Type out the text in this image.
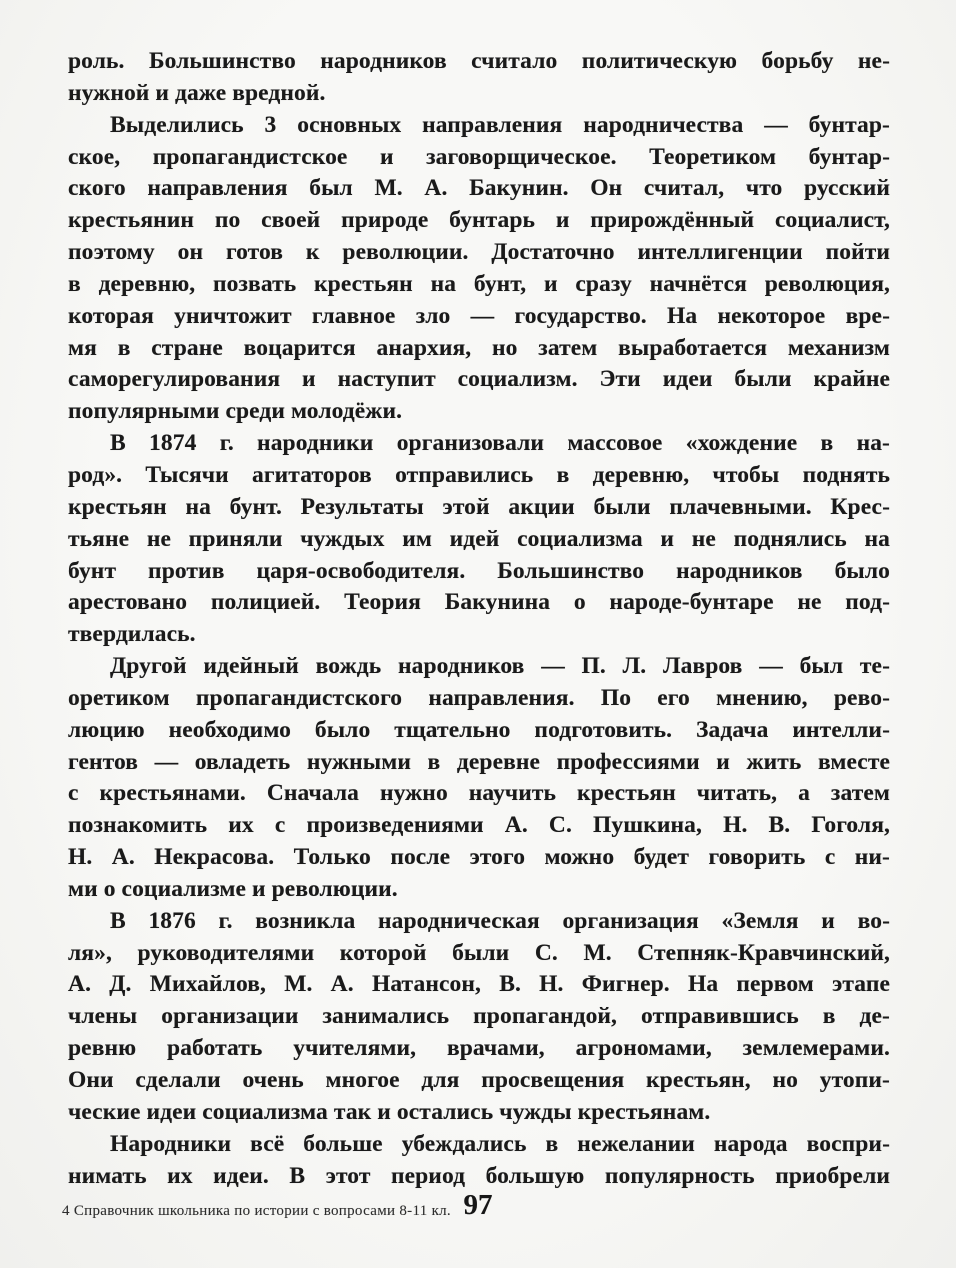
роль. Большинство народников считало политическую борьбу не-
нужной и даже вредной.
Выделились 3 основных направления народничества — бунтар-
ское, пропагандистское и заговорщическое. Теоретиком бунтар-
ского направления был М. А. Бакунин. Он считал, что русский
крестьянин по своей природе бунтарь и прирождённый социалист,
поэтому он готов к революции. Достаточно интеллигенции пойти
в деревню, позвать крестьян на бунт, и сразу начнётся революция,
которая уничтожит главное зло — государство. На некоторое вре-
мя в стране воцарится анархия, но затем выработается механизм
саморегулирования и наступит социализм. Эти идеи были крайне
популярными среди молодёжи.
В 1874 г. народники организовали массовое «хождение в на-
род». Тысячи агитаторов отправились в деревню, чтобы поднять
крестьян на бунт. Результаты этой акции были плачевными. Крес-
тьяне не приняли чуждых им идей социализма и не поднялись на
бунт против царя-освободителя. Большинство народников было
арестовано полицией. Теория Бакунина о народе-бунтаре не под-
твердилась.
Другой идейный вождь народников — П. Л. Лавров — был те-
оретиком пропагандистского направления. По его мнению, рево-
люцию необходимо было тщательно подготовить. Задача интелли-
гентов — овладеть нужными в деревне профессиями и жить вместе
с крестьянами. Сначала нужно научить крестьян читать, а затем
познакомить их с произведениями А. С. Пушкина, Н. В. Гоголя,
Н. А. Некрасова. Только после этого можно будет говорить с ни-
ми о социализме и революции.
В 1876 г. возникла народническая организация «Земля и во-
ля», руководителями которой были С. М. Степняк-Кравчинский,
А. Д. Михайлов, М. А. Натансон, В. Н. Фигнер. На первом этапе
члены организации занимались пропагандой, отправившись в де-
ревню работать учителями, врачами, агрономами, землемерами.
Они сделали очень многое для просвещения крестьян, но утопи-
ческие идеи социализма так и остались чужды крестьянам.
Народники всё больше убеждались в нежелании народа воспри-
нимать их идеи. В этот период большую популярность приобрели
4 Справочник школьника по истории с вопросами 8-11 кл. 97
